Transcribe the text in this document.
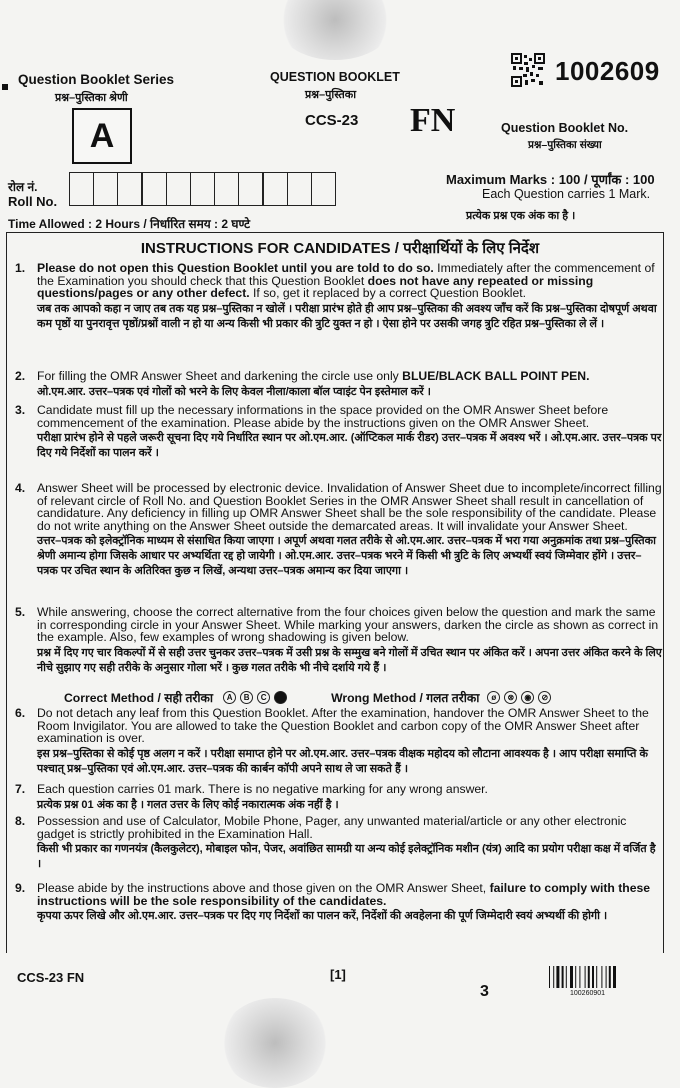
Question Booklet Series
प्रश्न–पुस्तिका श्रेणी
A
QUESTION BOOKLET
प्रश्न–पुस्तिका
CCS-23 FN
1002609
Question Booklet No.
प्रश्न–पुस्तिका संख्या
रोल नं.
Roll No.
Maximum Marks : 100 / पूर्णांक : 100
Each Question carries 1 Mark.
प्रत्येक प्रश्न एक अंक का है ।
Time Allowed : 2 Hours / निर्धारित समय : 2 घण्टे
INSTRUCTIONS FOR CANDIDATES / परीक्षार्थियों के लिए निर्देश
1. Please do not open this Question Booklet until you are told to do so. Immediately after the commencement of the Examination you should check that this Question Booklet does not have any repeated or missing questions/pages or any other defect. If so, get it replaced by a correct Question Booklet.
जब तक आपको कहा न जाए तब तक यह प्रश्न–पुस्तिका न खोलें । परीक्षा प्रारंभ होते ही आप प्रश्न–पुस्तिका की अवश्य जाँच करें कि प्रश्न–पुस्तिका दोषपूर्ण अथवा कम पृष्ठों या पुनरावृत्त पृष्ठों/प्रश्नों वाली न हो या अन्य किसी भी प्रकार की त्रुटि युक्त न हो । ऐसा होने पर उसकी जगह त्रुटि रहित प्रश्न–पुस्तिका ले लें ।
2. For filling the OMR Answer Sheet and darkening the circle use only BLUE/BLACK BALL POINT PEN.
ओ.एम.आर. उत्तर–पत्रक एवं गोलों को भरने के लिए केवल नीला/काला बॉल प्वाइंट पेन इस्तेमाल करें ।
3. Candidate must fill up the necessary informations in the space provided on the OMR Answer Sheet before commencement of the examination. Please abide by the instructions given on the OMR Answer Sheet.
परीक्षा प्रारंभ होने से पहले जरूरी सूचना दिए गये निर्धारित स्थान पर ओ.एम.आर. (ऑप्टिकल मार्क रीडर) उत्तर–पत्रक में अवश्य भरें । ओ.एम.आर. उत्तर–पत्रक पर दिए गये निर्देशों का पालन करें ।
4. Answer Sheet will be processed by electronic device. Invalidation of Answer Sheet due to incomplete/incorrect filling of relevant circle of Roll No. and Question Booklet Series in the OMR Answer Sheet shall result in cancellation of candidature. Any deficiency in filling up OMR Answer Sheet shall be the sole responsibility of the candidate. Please do not write anything on the Answer Sheet outside the demarcated areas. It will invalidate your Answer Sheet.
उत्तर–पत्रक को इलेक्ट्रॉनिक माध्यम से संसाधित किया जाएगा । अपूर्ण अथवा गलत तरीके से ओ.एम.आर. उत्तर–पत्रक में भरा गया अनुक्रमांक तथा प्रश्न–पुस्तिका श्रेणी अमान्य होगा जिसके आधार पर अभ्यर्थिता रद्द हो जायेगी । ओ.एम.आर. उत्तर–पत्रक भरने में किसी भी त्रुटि के लिए अभ्यर्थी स्वयं जिम्मेवार होंगे । उत्तर–पत्रक पर उचित स्थान के अतिरिक्त कुछ न लिखें, अन्यथा उत्तर–पत्रक अमान्य कर दिया जाएगा ।
5. While answering, choose the correct alternative from the four choices given below the question and mark the same in corresponding circle in your Answer Sheet. While marking your answers, darken the circle as shown as correct in the example. Also, few examples of wrong shadowing is given below.
प्रश्न में दिए गए चार विकल्पों में से सही उत्तर चुनकर उत्तर–पत्रक में उसी प्रश्न के सम्मुख बने गोलों में उचित स्थान पर अंकित करें । अपना उत्तर अंकित करने के लिए नीचे सुझाए गए सही तरीके के अनुसार गोला भरें । कुछ गलत तरीके भी नीचे दर्शाये गये हैं ।
Correct Method / सही तरीका	A	B	C	Wrong Method / गलत तरीका	ø	⊗	◉	⊘
6. Do not detach any leaf from this Question Booklet. After the examination, handover the OMR Answer Sheet to the Room Invigilator. You are allowed to take the Question Booklet and carbon copy of the OMR Answer Sheet after examination is over.
इस प्रश्न–पुस्तिका से कोई पृष्ठ अलग न करें । परीक्षा समाप्त होने पर ओ.एम.आर. उत्तर–पत्रक वीक्षक महोदय को लौटाना आवश्यक है । आप परीक्षा समाप्ति के पश्चात् प्रश्न–पुस्तिका एवं ओ.एम.आर. उत्तर–पत्रक की कार्बन कॉपी अपने साथ ले जा सकते हैं ।
7. Each question carries 01 mark. There is no negative marking for any wrong answer.
प्रत्येक प्रश्न 01 अंक का है । गलत उत्तर के लिए कोई नकारात्मक अंक नहीं है ।
8. Possession and use of Calculator, Mobile Phone, Pager, any unwanted material/article or any other electronic gadget is strictly prohibited in the Examination Hall.
किसी भी प्रकार का गणनयंत्र (कैलकुलेटर), मोबाइल फोन, पेजर, अवांछित सामग्री या अन्य कोई इलेक्ट्रॉनिक मशीन (यंत्र) आदि का प्रयोग परीक्षा कक्ष में वर्जित है ।
9. Please abide by the instructions above and those given on the OMR Answer Sheet, failure to comply with these instructions will be the sole responsibility of the candidates.
कृपया ऊपर लिखे और ओ.एम.आर. उत्तर–पत्रक पर दिए गए निर्देशों का पालन करें, निर्देशों की अवहेलना की पूर्ण जिम्मेदारी स्वयं अभ्यर्थी की होगी ।
CCS-23 FN	[1]
3	100260901
